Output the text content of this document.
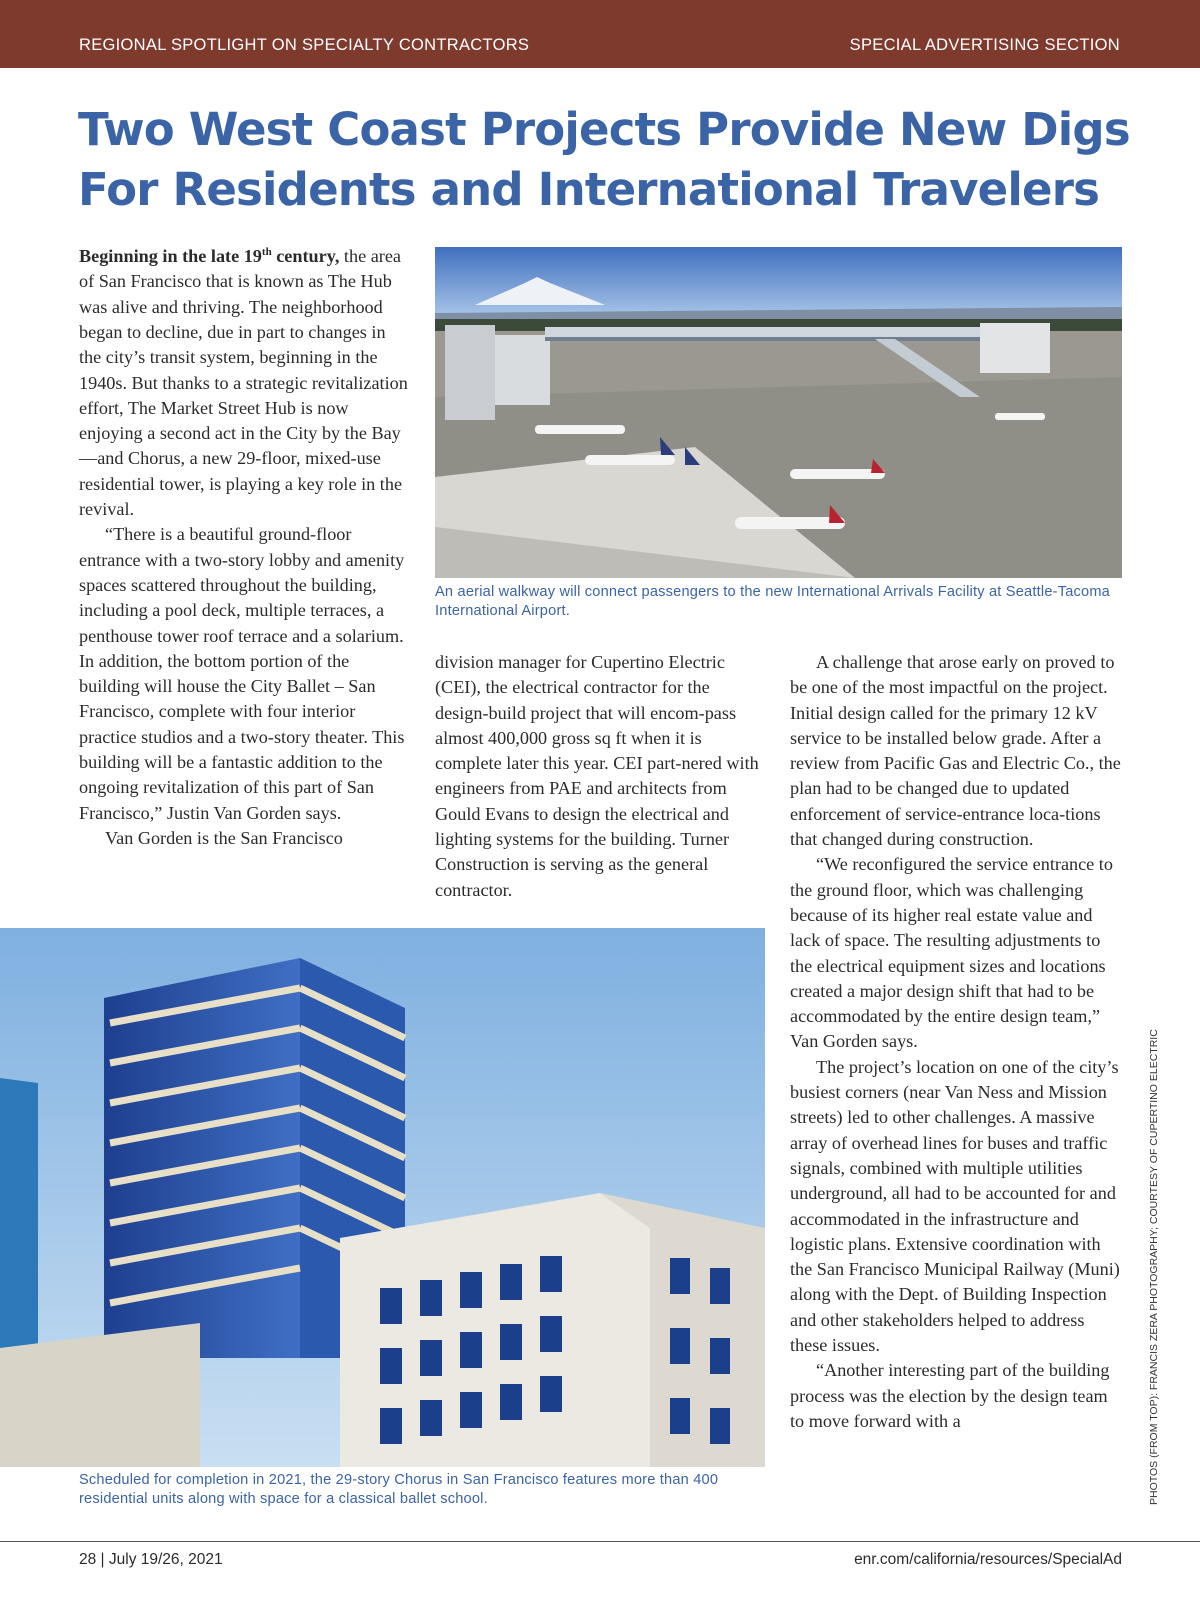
REGIONAL SPOTLIGHT ON SPECIALTY CONTRACTORS	SPECIAL ADVERTISING SECTION
Two West Coast Projects Provide New Digs
For Residents and International Travelers

Beginning in the late 19th century, the area of San Francisco that is known as The Hub was alive and thriving. The neighborhood began to decline, due in part to changes in the city’s transit system, beginning in the 1940s. But thanks to a strategic revitalization effort, The Market Street Hub is now enjoying a second act in the City by the Bay—and Chorus, a new 29-floor, mixed-use residential tower, is playing a key role in the revival.

“There is a beautiful ground-floor entrance with a two-story lobby and amenity spaces scattered throughout the building, including a pool deck, multiple terraces, a penthouse tower roof terrace and a solarium. In addition, the bottom portion of the building will house the City Ballet – San Francisco, complete with four interior practice studios and a two-story theater. This building will be a fantastic addition to the ongoing revitalization of this part of San Francisco,” Justin Van Gorden says.

Van Gorden is the San Francisco

An aerial walkway will connect passengers to the new International Arrivals Facility at Seattle-Tacoma International Airport.

division manager for Cupertino Electric (CEI), the electrical contractor for the design-build project that will encom-pass almost 400,000 gross sq ft when it is complete later this year. CEI part-nered with engineers from PAE and architects from Gould Evans to design the electrical and lighting systems for the building. Turner Construction is serving as the general contractor.

A challenge that arose early on proved to be one of the most impactful on the project. Initial design called for the primary 12 kV service to be installed below grade. After a review from Pacific Gas and Electric Co., the plan had to be changed due to updated enforcement of service-entrance loca-tions that changed during construction.

“We reconfigured the service entrance to the ground floor, which was challenging because of its higher real estate value and lack of space. The resulting adjustments to the electrical equipment sizes and locations created a major design shift that had to be accommodated by the entire design team,” Van Gorden says.

The project’s location on one of the city’s busiest corners (near Van Ness and Mission streets) led to other challenges. A massive array of overhead lines for buses and traffic signals, combined with multiple utilities underground, all had to be accounted for and accommodated in the infrastructure and logistic plans. Extensive coordination with the San Francisco Municipal Railway (Muni) along with the Dept. of Building Inspection and other stakeholders helped to address these issues.

“Another interesting part of the building process was the election by the design team to move forward with a

Scheduled for completion in 2021, the 29-story Chorus in San Francisco features more than 400 residential units along with space for a classical ballet school.	PHOTOS (FROM TOP): FRANCIS ZERA PHOTOGRAPHY; COURTESY OF CUPERTINO ELECTRIC
28 | July 19/26, 2021	enr.com/california/resources/SpecialAd
